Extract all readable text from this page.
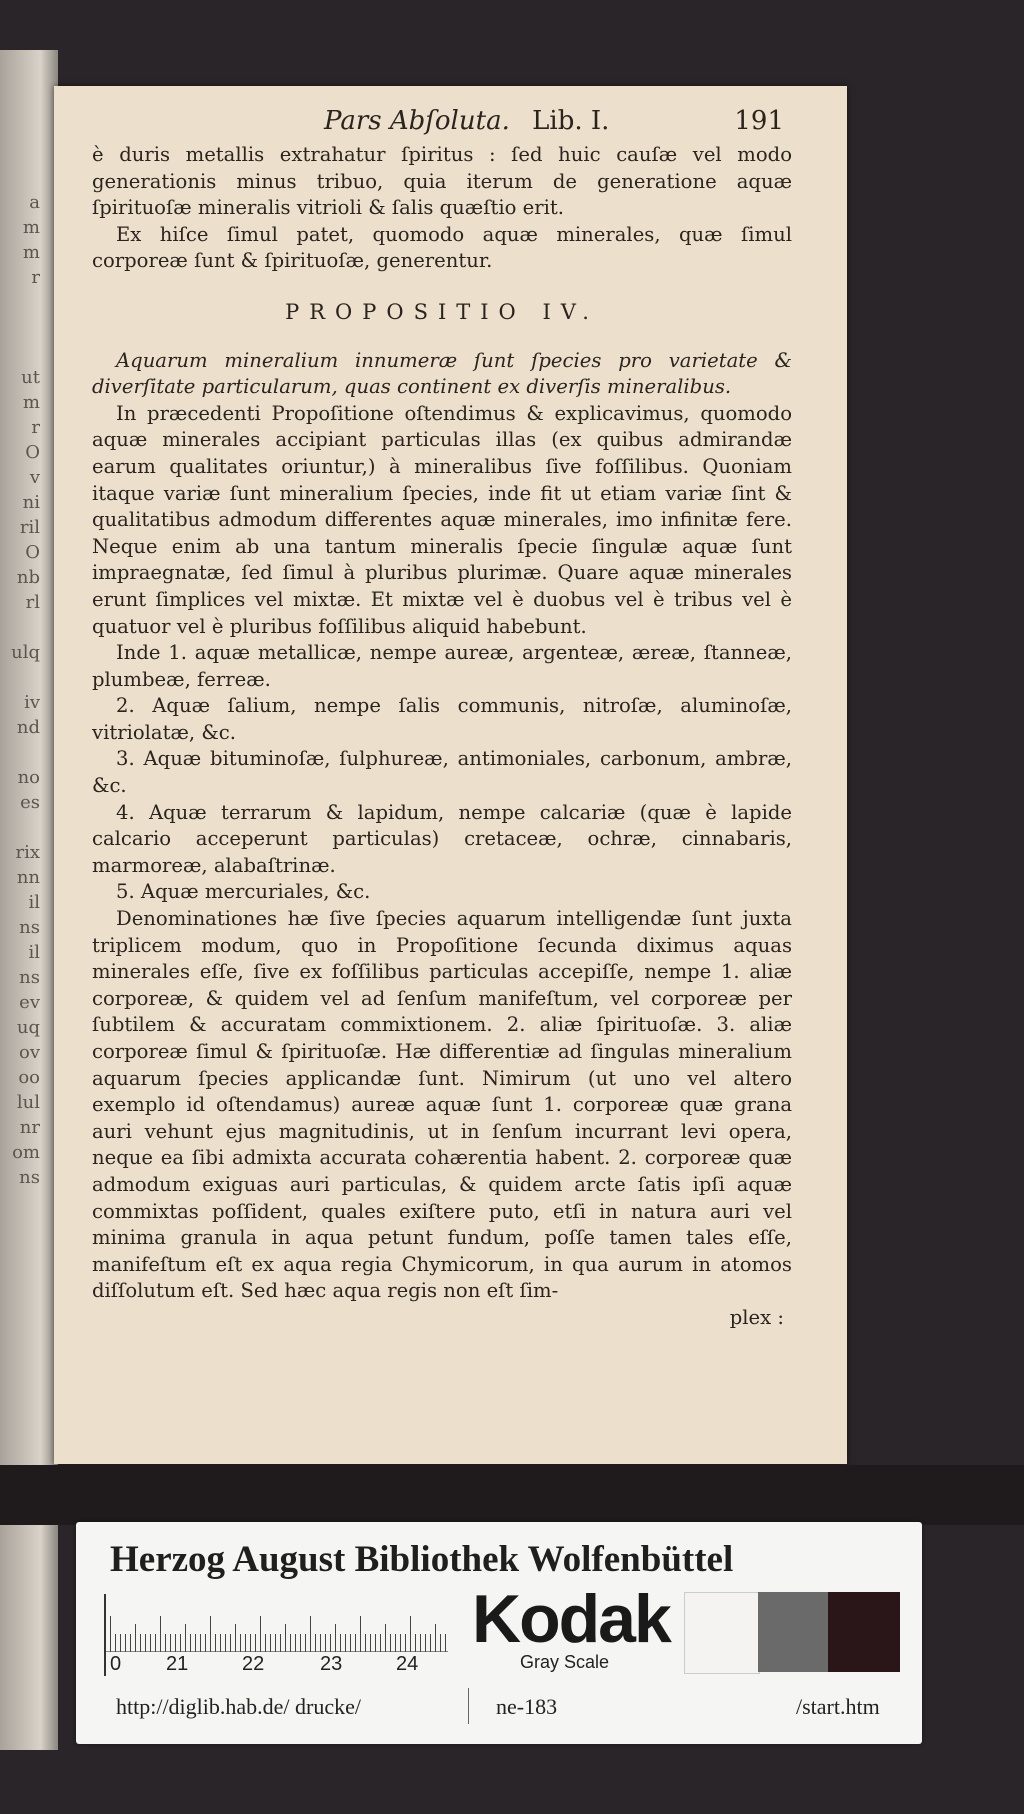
a
m
m
r
ut
m
r
O
v
ni
ril
O
nb
rl
ulq
iv
nd
no
es
rix
nn
il
ns
il
ns
ev
uq
ov
oo
lul
nr
om
ns
Pars Abſoluta. Lib. I.	191

è duris metallis extrahatur ſpiritus : ſed huic cauſæ vel modo generationis minus tribuo, quia iterum de generatione aquæ ſpirituoſæ mineralis vitrioli & ſalis quæſtio erit.

Ex hiſce ſimul patet, quomodo aquæ minerales, quæ ſimul corporeæ ſunt & ſpirituoſæ, generentur.

PROPOSITIO IV.

Aquarum mineralium innumeræ ſunt ſpecies pro varietate & diverſitate particularum, quas continent ex diverſis mineralibus.

In præcedenti Propoſitione oſtendimus & explicavimus, quomodo aquæ minerales accipiant particulas illas (ex quibus admirandæ earum qualitates oriuntur,) à mineralibus ſive foſſilibus. Quoniam itaque variæ ſunt mineralium ſpecies, inde fit ut etiam variæ ſint & qualitatibus admodum differentes aquæ minerales, imo infinitæ fere. Neque enim ab una tantum mineralis ſpecie ſingulæ aquæ ſunt impraegnatæ, ſed ſimul à pluribus plurimæ. Quare aquæ minerales erunt ſimplices vel mixtæ. Et mixtæ vel è duobus vel è tribus vel è quatuor vel è pluribus foſſilibus aliquid habebunt.

Inde 1. aquæ metallicæ, nempe aureæ, argenteæ, æreæ, ſtanneæ, plumbeæ, ferreæ.

2. Aquæ ſalium, nempe ſalis communis, nitroſæ, aluminoſæ, vitriolatæ, &c.

3. Aquæ bituminoſæ, ſulphureæ, antimoniales, carbonum, ambræ, &c.

4. Aquæ terrarum & lapidum, nempe calcariæ (quæ è lapide calcario acceperunt particulas) cretaceæ, ochræ, cinnabaris, marmoreæ, alabaſtrinæ.

5. Aquæ mercuriales, &c.

Denominationes hæ ſive ſpecies aquarum intelligendæ ſunt juxta triplicem modum, quo in Propoſitione ſecunda diximus aquas minerales eſſe, ſive ex foſſilibus particulas accepiſſe, nempe 1. aliæ corporeæ, & quidem vel ad ſenſum manifeſtum, vel corporeæ per ſubtilem & accuratam commixtionem. 2. aliæ ſpirituoſæ. 3. aliæ corporeæ ſimul & ſpirituoſæ. Hæ differentiæ ad ſingulas mineralium aquarum ſpecies applicandæ ſunt. Nimirum (ut uno vel altero exemplo id oſtendamus) aureæ aquæ ſunt 1. corporeæ quæ grana auri vehunt ejus magnitudinis, ut in ſenſum incurrant levi opera, neque ea ſibi admixta accurata cohærentia habent. 2. corporeæ quæ admodum exiguas auri particulas, & quidem arcte ſatis ipſi aquæ commixtas poſſident, quales exiſtere puto, etſi in natura auri vel minima granula in aqua petunt fundum, poſſe tamen tales eſſe, manifeſtum eſt ex aqua regia Chymicorum, in qua aurum in atomos diſſolutum eſt. Sed hæc aqua regis non eſt ſim-

plex :

Herzog August Bibliothek Wolfenbüttel
0 21	22	23	24
Kodak
Gray Scale
http://diglib.hab.de/ drucke/	ne-183	/start.htm
